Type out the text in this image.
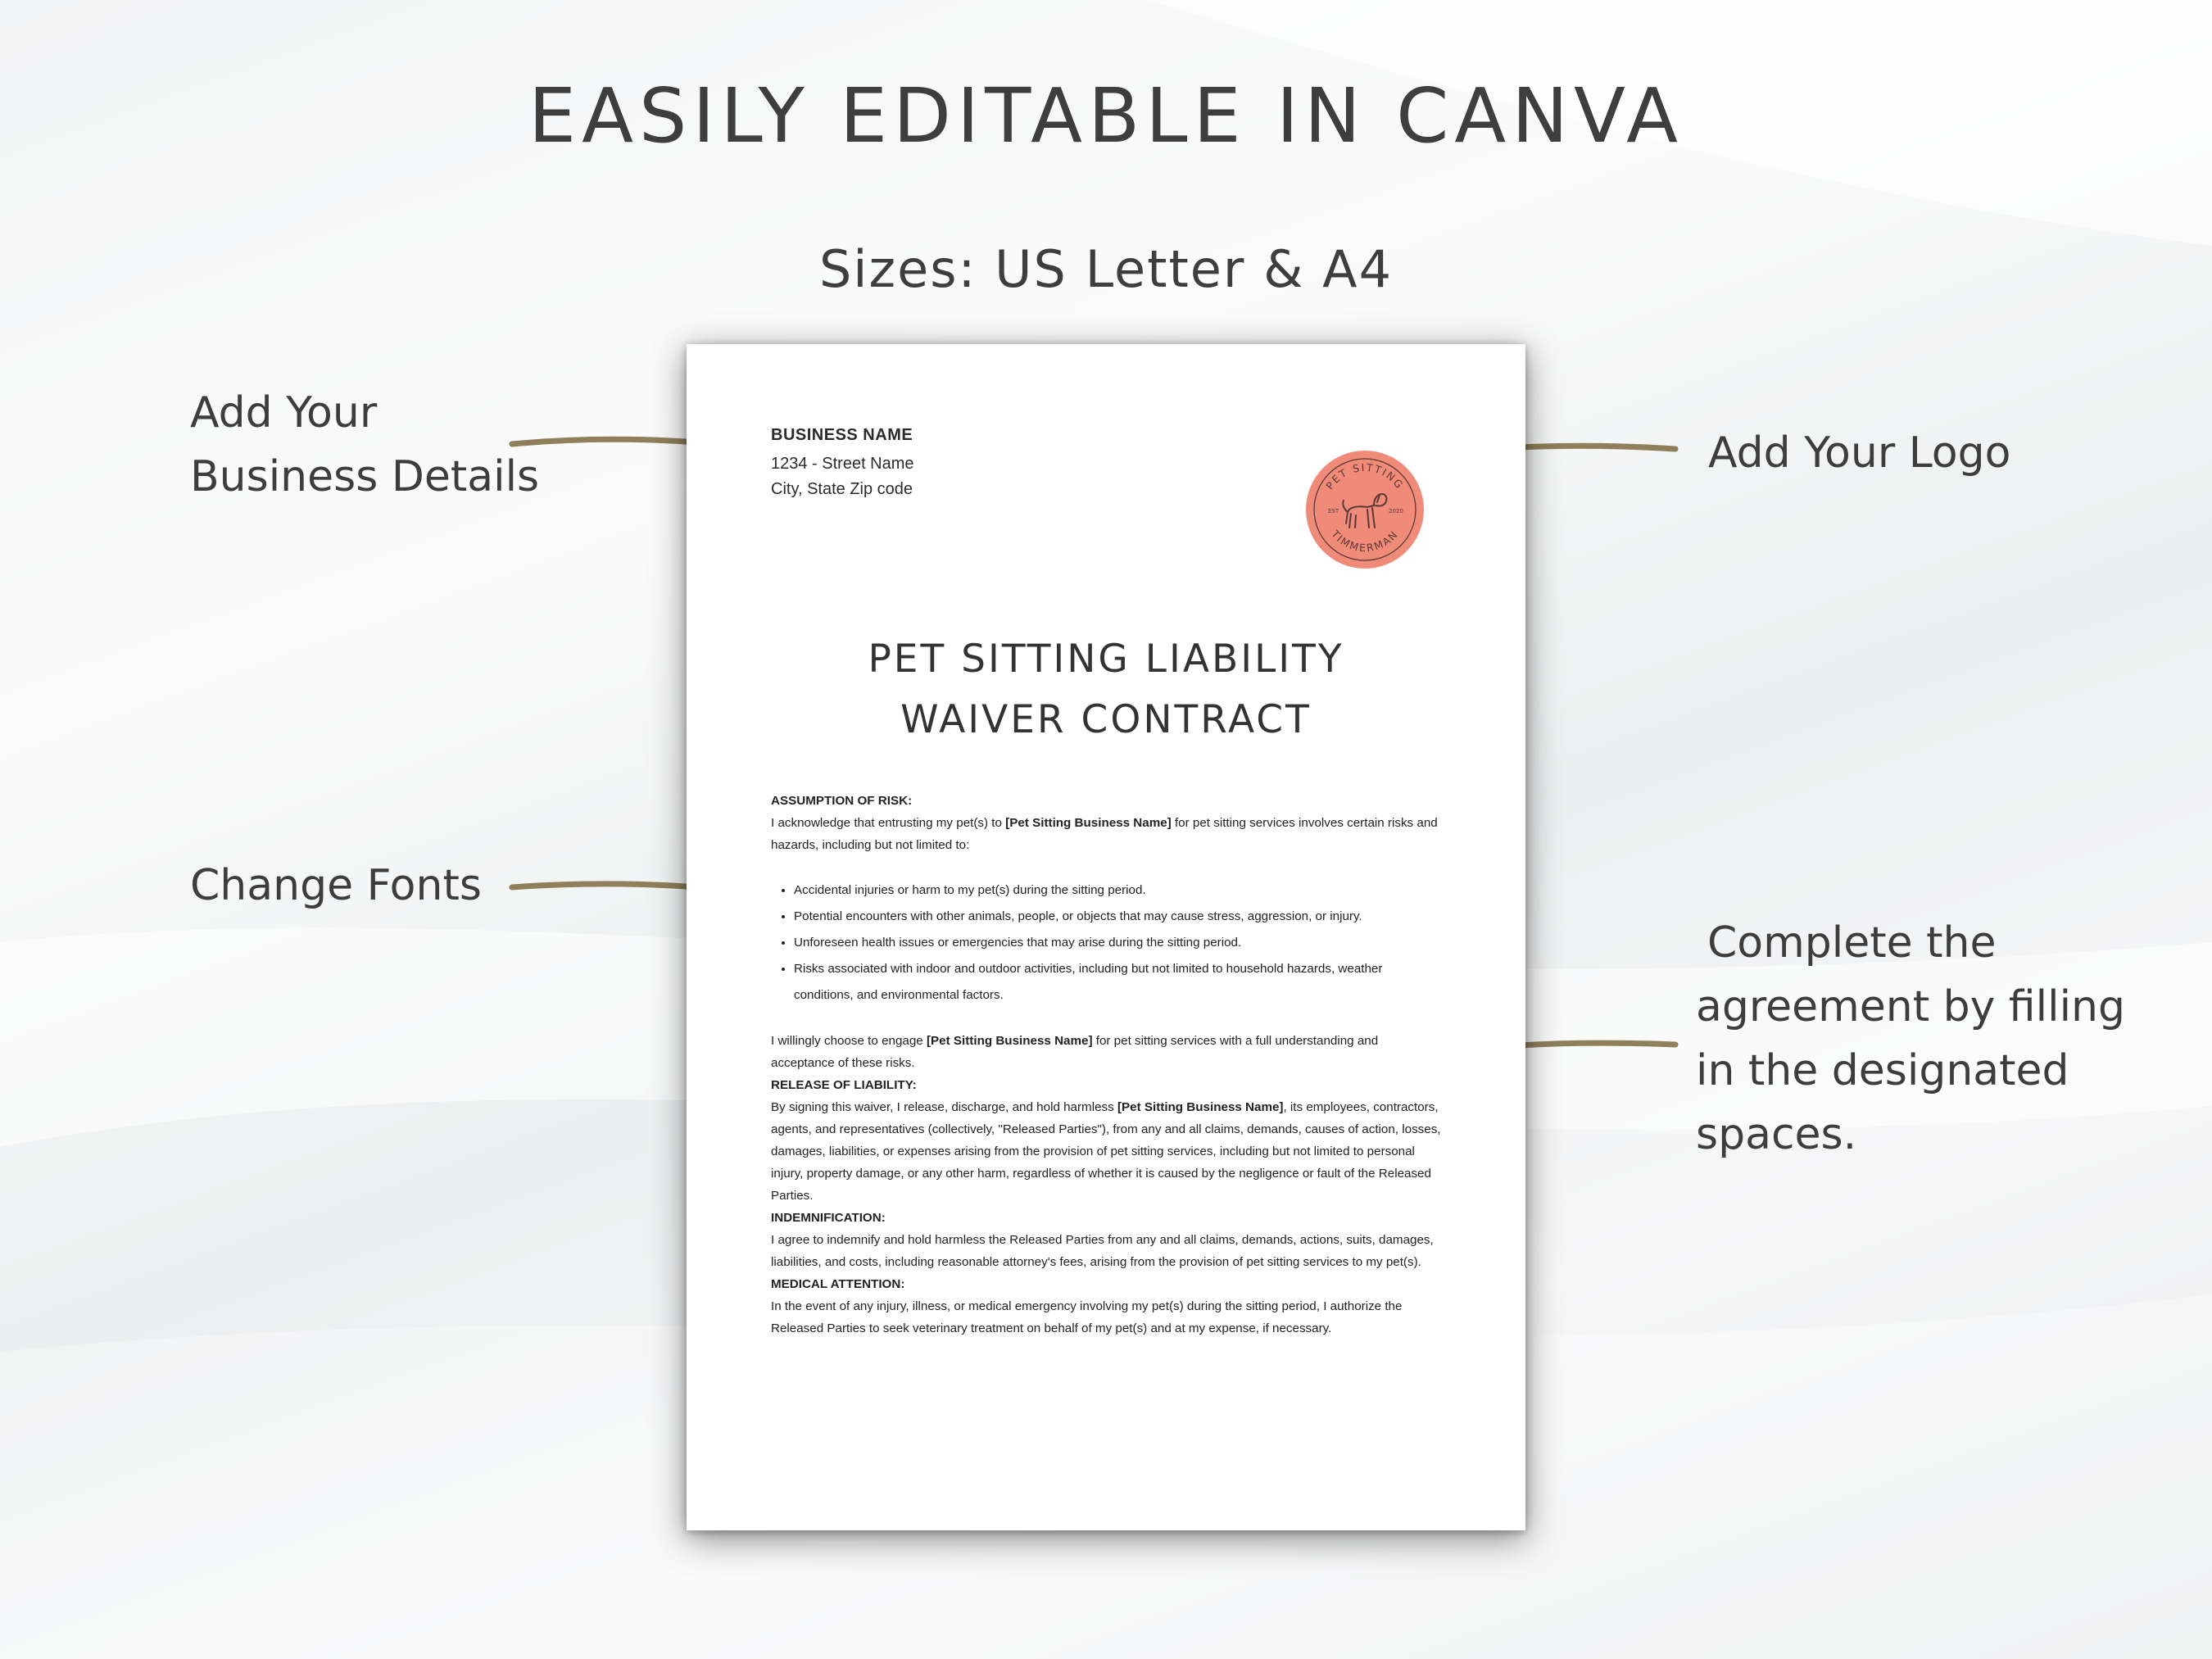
EASILY EDITABLE IN CANVA
Sizes: US Letter & A4
Add Your
Business Details
Change Fonts
Add Your Logo
Complete the
agreement by filling
in the designated
spaces.
BUSINESS NAME
1234 - Street Name
City, State Zip code	PET SITTING
TIMMERMAN
EST	2020
PET SITTING LIABILITY
WAIVER CONTRACT

ASSUMPTION OF RISK:

I acknowledge that entrusting my pet(s) to [Pet Sitting Business Name] for pet sitting services involves certain risks and hazards, including but not limited to:

• Accidental injuries or harm to my pet(s) during the sitting period.
• Potential encounters with other animals, people, or objects that may cause stress, aggression, or injury.
• Unforeseen health issues or emergencies that may arise during the sitting period.
• Risks associated with indoor and outdoor activities, including but not limited to household hazards, weather conditions, and environmental factors.

I willingly choose to engage [Pet Sitting Business Name] for pet sitting services with a full understanding and acceptance of these risks.

RELEASE OF LIABILITY:

By signing this waiver, I release, discharge, and hold harmless [Pet Sitting Business Name], its employees, contractors, agents, and representatives (collectively, "Released Parties"), from any and all claims, demands, causes of action, losses, damages, liabilities, or expenses arising from the provision of pet sitting services, including but not limited to personal injury, property damage, or any other harm, regardless of whether it is caused by the negligence or fault of the Released Parties.

INDEMNIFICATION:

I agree to indemnify and hold harmless the Released Parties from any and all claims, demands, actions, suits, damages, liabilities, and costs, including reasonable attorney's fees, arising from the provision of pet sitting services to my pet(s).

MEDICAL ATTENTION:

In the event of any injury, illness, or medical emergency involving my pet(s) during the sitting period, I authorize the Released Parties to seek veterinary treatment on behalf of my pet(s) and at my expense, if necessary.
